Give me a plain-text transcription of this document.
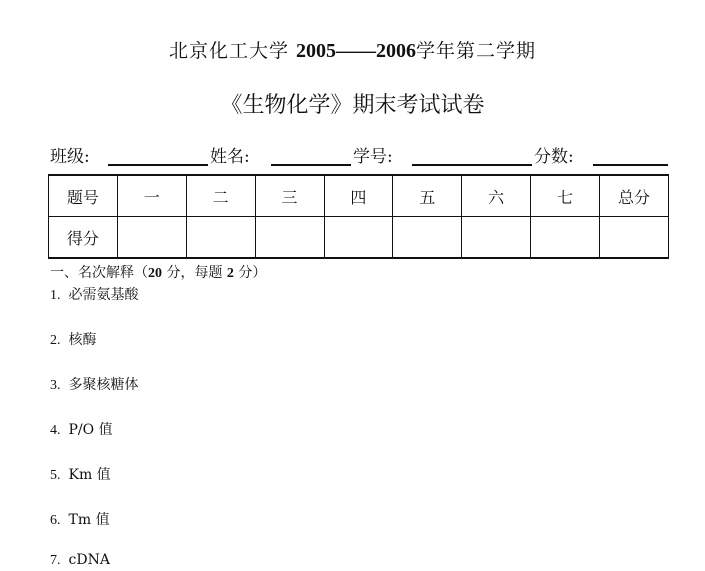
北京化工大学 2005——2006学年第二学期
《生物化学》期末考试试卷
班级:	姓名:	学号:	分数:
题号	一	二	三	四	五	六	七	总分
得分								
一、名次解释（20 分，每题 2 分）
1. 必需氨基酸
2. 核酶
3. 多聚核糖体
4. P/O 值
5. Km 值
6. Tm 值
7. cDNA
